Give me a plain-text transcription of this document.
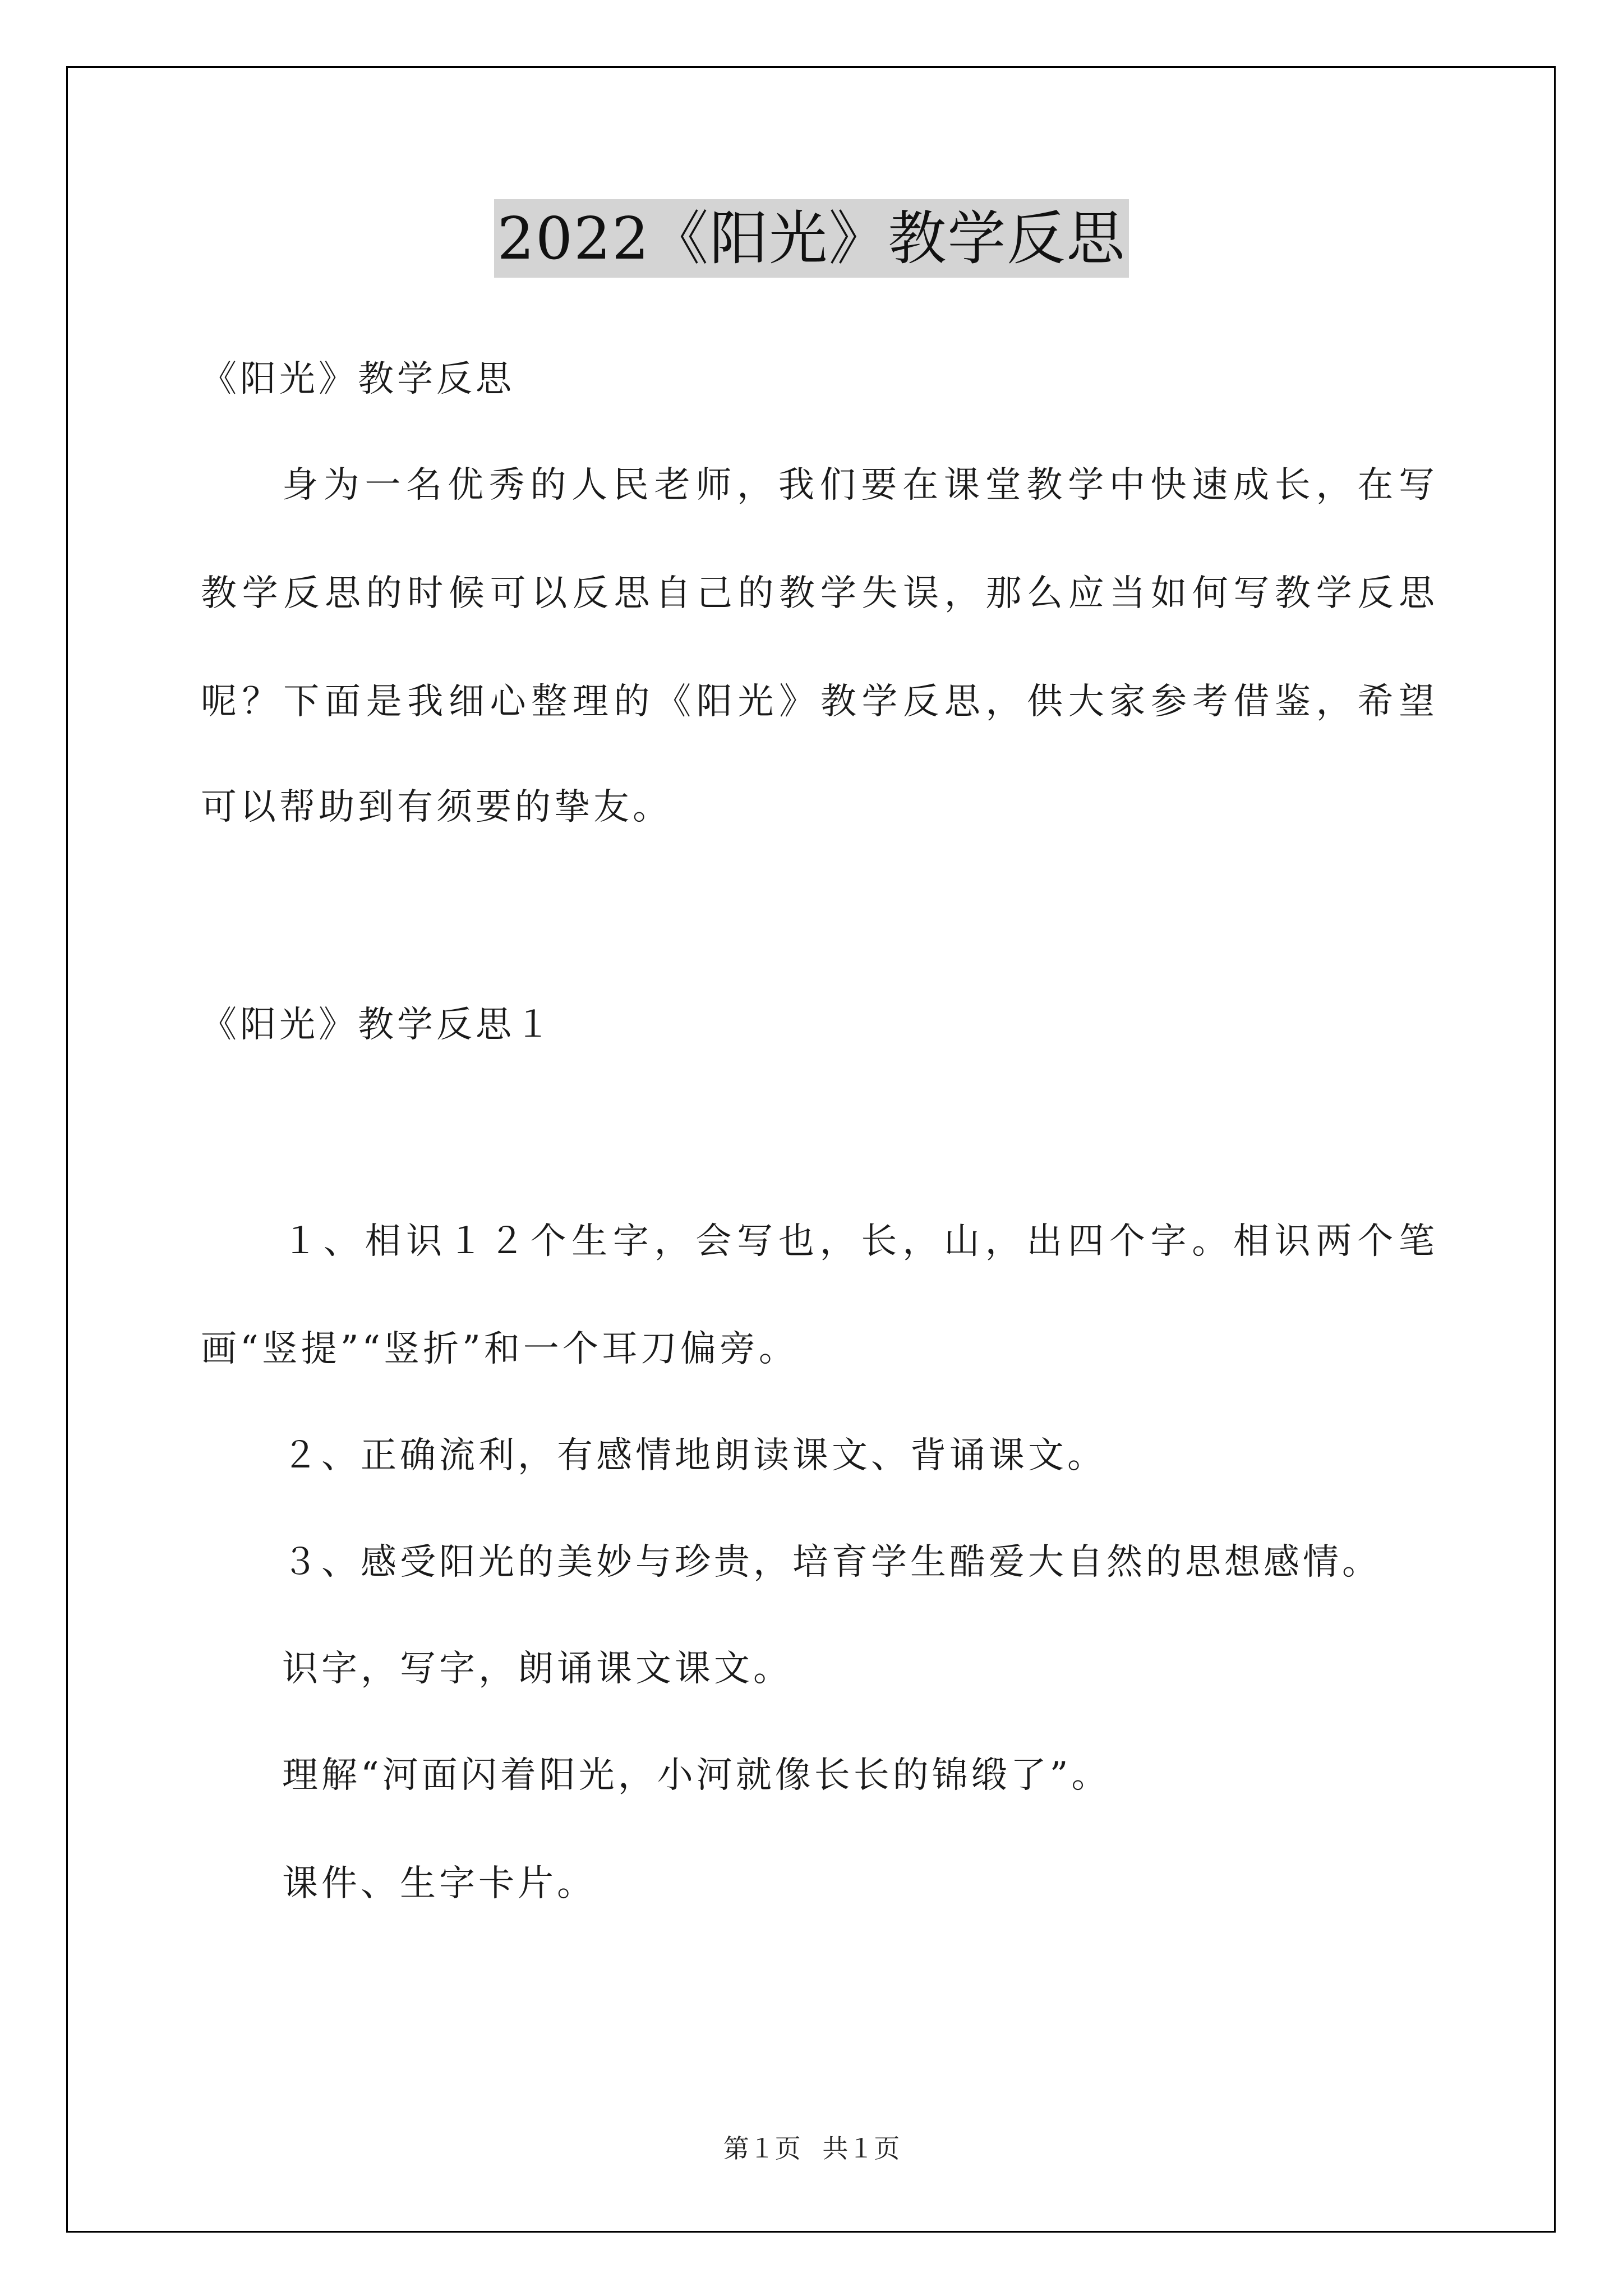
2022《阳光》教学反思
《阳光》教学反思
身为一名优秀的人民老师，我们要在课堂教学中快速成长，在写
教学反思的时候可以反思自己的教学失误，那么应当如何写教学反思
呢？下面是我细心整理的《阳光》教学反思，供大家参考借鉴，希望
可以帮助到有须要的挚友。
《阳光》教学反思１
１、相识１２个生字，会写也，长，山，出四个字。相识两个笔
画“竖提”“竖折”和一个耳刀偏旁。
２、正确流利，有感情地朗读课文、背诵课文。
３、感受阳光的美妙与珍贵，培育学生酷爱大自然的思想感情。
识字，写字，朗诵课文课文。
理解“河面闪着阳光，小河就像长长的锦缎了”。
课件、生字卡片。
第１页 共１页
